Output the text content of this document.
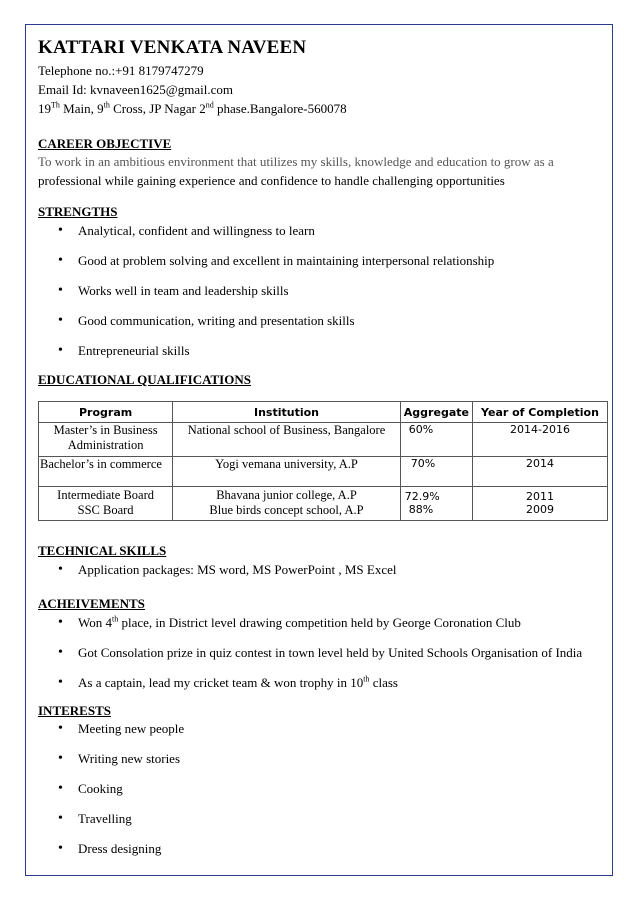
KATTARI VENKATA NAVEEN

Telephone no.:+91 8179747279

Email Id: kvnaveen1625@gmail.com

19Th Main, 9th Cross, JP Nagar 2nd phase.Bangalore-560078

CAREER OBJECTIVE

To work in an ambitious environment that utilizes my skills, knowledge and education to grow as a
professional while gaining experience and confidence to handle challenging opportunities

STRENGTHS

• Analytical, confident and willingness to learn
• Good at problem solving and excellent in maintaining interpersonal relationship
• Works well in team and leadership skills
• Good communication, writing and presentation skills
• Entrepreneurial skills

EDUCATIONAL QUALIFICATIONS

Program	Institution	Aggregate	Year of Completion
Master’s in Business Administration	National school of Business, Bangalore	60%	2014-2016
Bachelor’s in commerce	Yogi vemana university, A.P	70%	2014
Intermediate Board	Bhavana junior college, A.P	72.9%	2011
SSC Board	Blue birds concept school, A.P	88%	2009

TECHNICAL SKILLS

• Application packages: MS word, MS PowerPoint , MS Excel

ACHEIVEMENTS

• Won 4th place, in District level drawing competition held by George Coronation Club
• Got Consolation prize in quiz contest in town level held by United Schools Organisation of India
• As a captain, lead my cricket team & won trophy in 10th class

INTERESTS

• Meeting new people
• Writing new stories
• Cooking
• Travelling
• Dress designing
